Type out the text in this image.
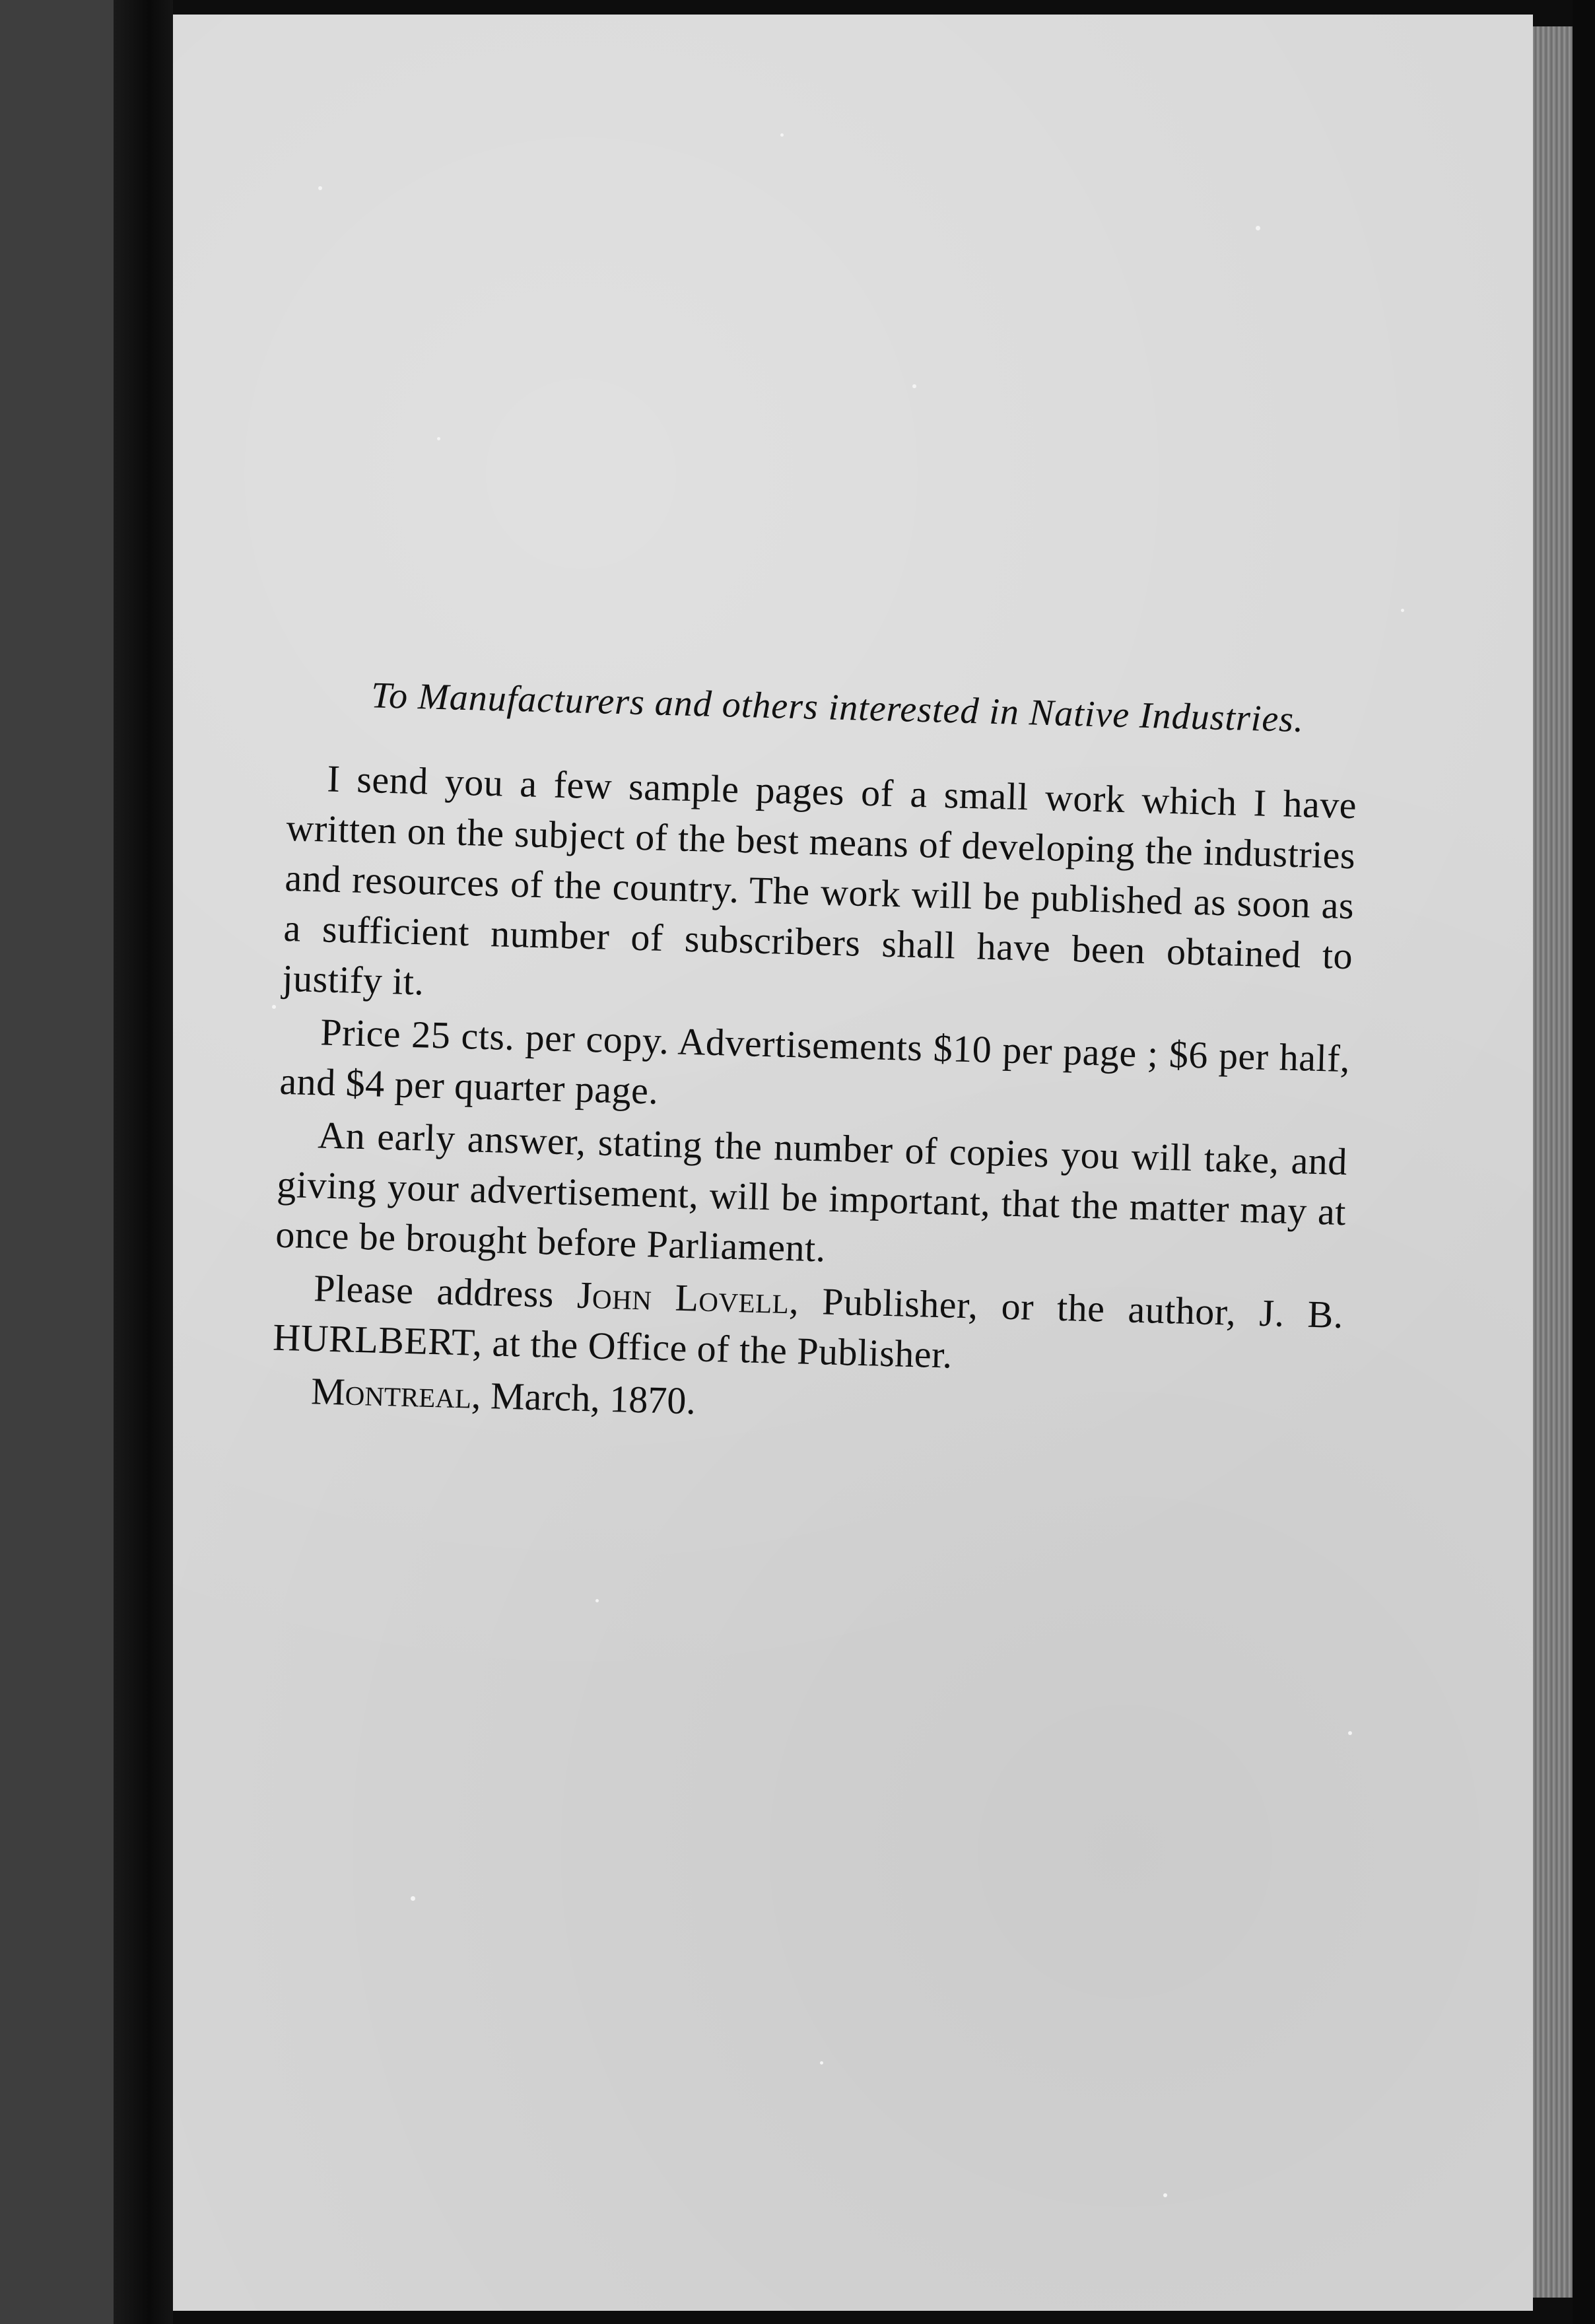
To Manufacturers and others interested in Native Industries.

I send you a few sample pages of a small work which I have written on the subject of the best means of developing the industries and resources of the country. The work will be published as soon as a sufficient number of subscribers shall have been obtained to justify it.

Price 25 cts. per copy. Advertisements $10 per page ; $6 per half, and $4 per quarter page.

An early answer, stating the number of copies you will take, and giving your advertisement, will be important, that the matter may at once be brought before Parliament.

Please address John Lovell, Publisher, or the author, J. B. HURLBERT, at the Office of the Publisher.

Montreal, March, 1870.
